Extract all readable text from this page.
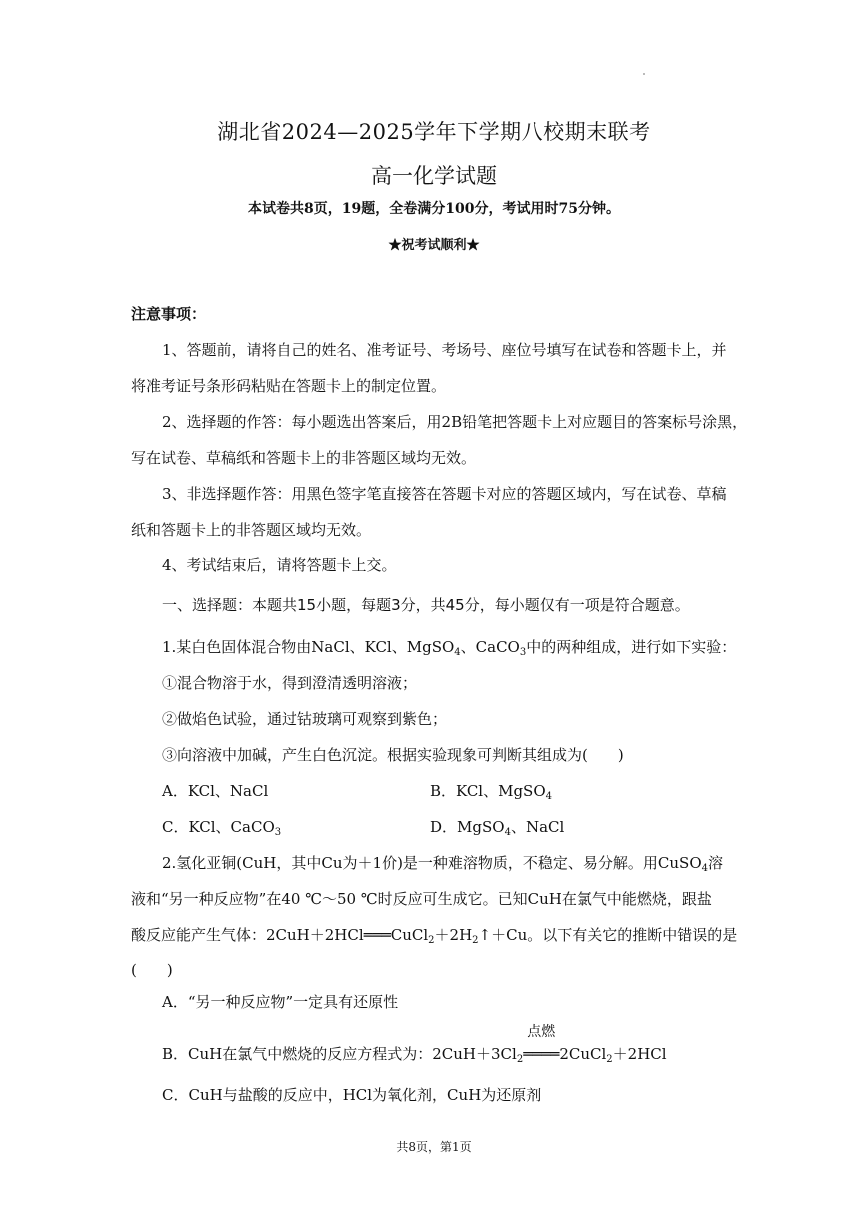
湖北省2024—2025学年下学期八校期末联考
高一化学试题
本试卷共8页，19题，全卷满分100分，考试用时75分钟。
★祝考试顺利★
注意事项：
1、答题前，请将自己的姓名、准考证号、考场号、座位号填写在试卷和答题卡上，并
将准考证号条形码粘贴在答题卡上的制定位置。
2、选择题的作答：每小题选出答案后，用2B铅笔把答题卡上对应题目的答案标号涂黑，
写在试卷、草稿纸和答题卡上的非答题区域均无效。
3、非选择题作答：用黑色签字笔直接答在答题卡对应的答题区域内，写在试卷、草稿
纸和答题卡上的非答题区域均无效。
4、考试结束后，请将答题卡上交。
一、选择题：本题共15小题，每题3分，共45分，每小题仅有一项是符合题意。
1.某白色固体混合物由NaCl、KCl、MgSO$_4$、CaCO$_3$中的两种组成，进行如下实验：
①混合物溶于水，得到澄清透明溶液；
②做焰色试验，通过钴玻璃可观察到紫色；
③向溶液中加碱，产生白色沉淀。根据实验现象可判断其组成为(　　)
A．KCl、NaCl	B．KCl、MgSO$_4$
C．KCl、CaCO$_3$	D．MgSO$_4$、NaCl
2.氢化亚铜(CuH，其中Cu为＋1价)是一种难溶物质，不稳定、易分解。用CuSO$_4$溶
液和“另一种反应物”在40 ℃～50 ℃时反应可生成它。已知CuH在氯气中能燃烧，跟盐
酸反应能产生气体：$2CuH+2HCl═══CuCl_2+2H_2↑+Cu$。以下有关它的推断中错误的是
(　　)
A．“另一种反应物”一定具有还原性
B．CuH在氯气中燃烧的反应方程式为：$2CuH+3Cl_2$
点燃
════2CuCl$_2$＋2HCl
C．CuH与盐酸的反应中，HCl为氧化剂，CuH为还原剂
共8页，第1页
